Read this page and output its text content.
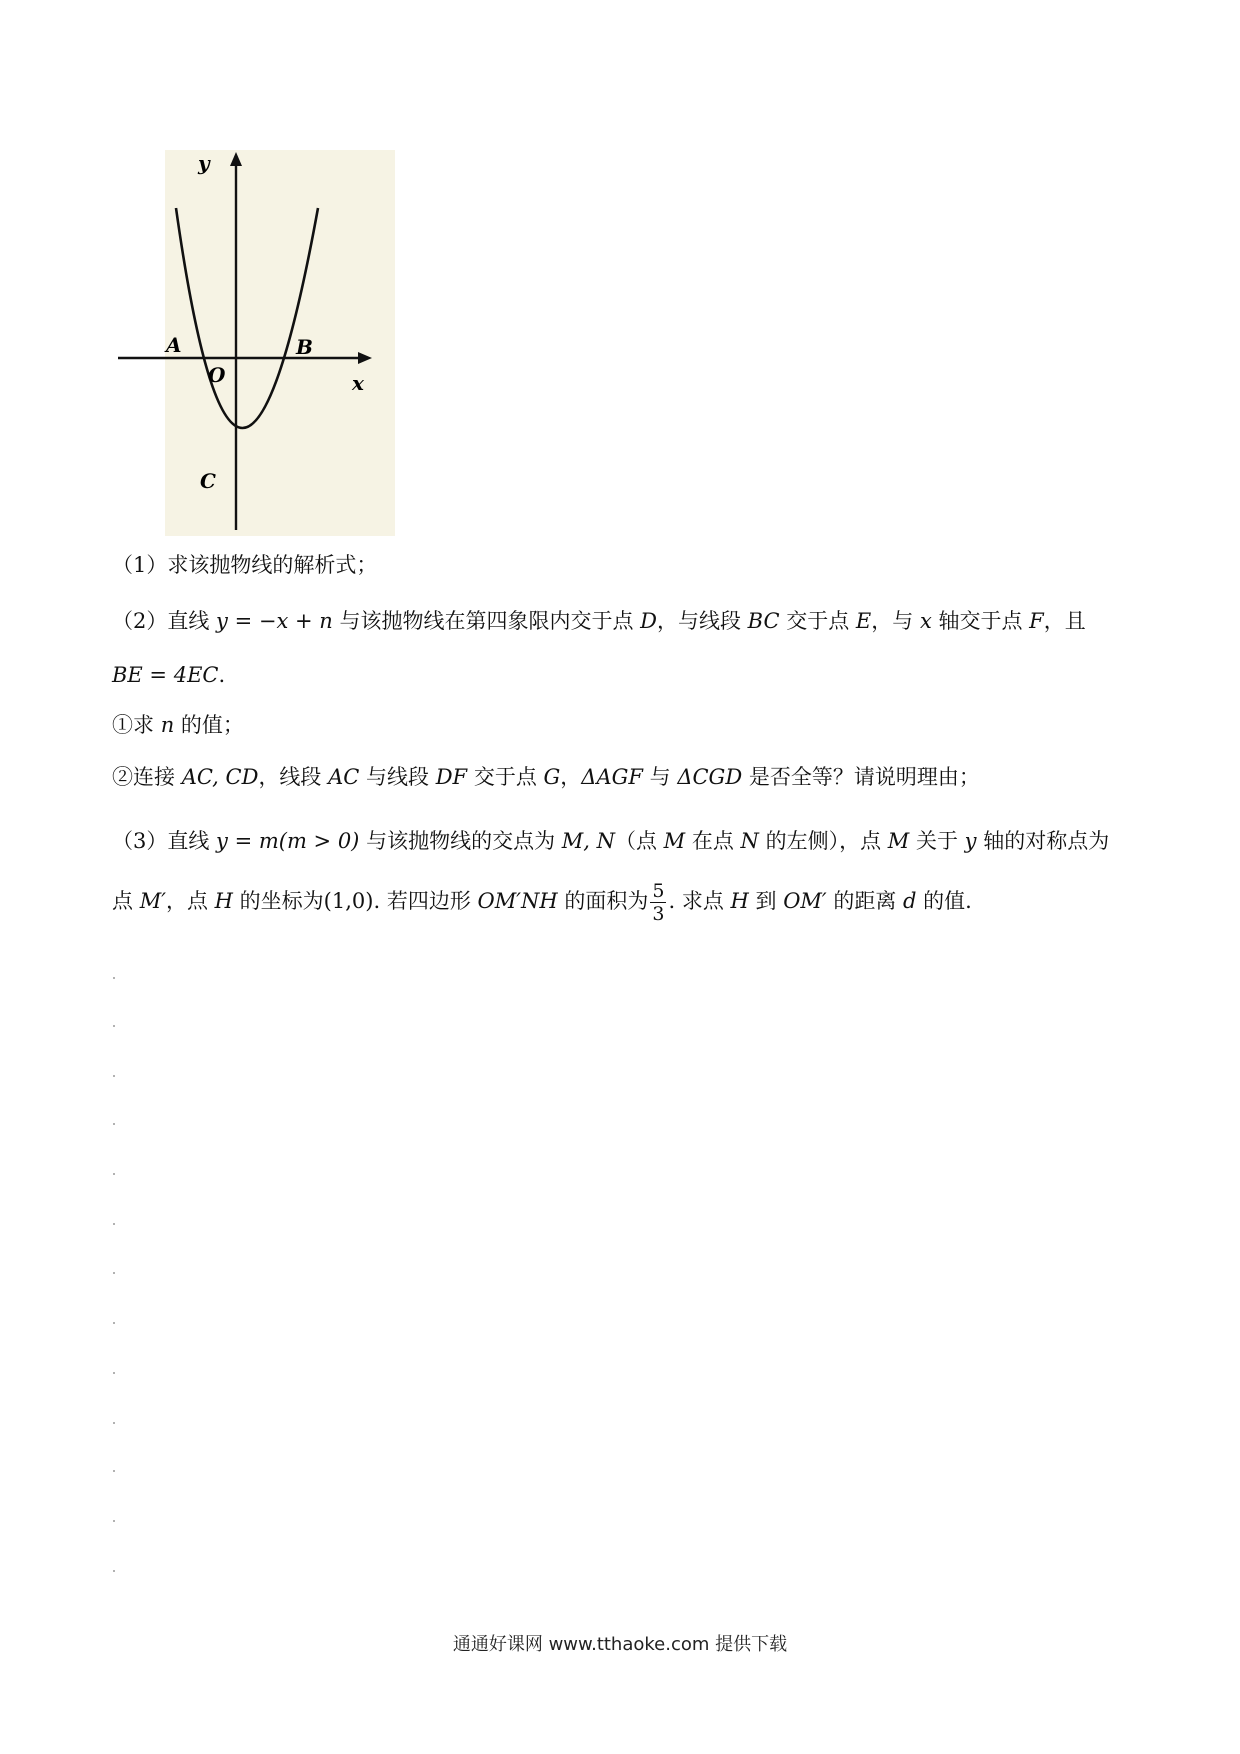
y
x
A	B
O
C
（1）求该抛物线的解析式；
（2）直线 y = −x + n 与该抛物线在第四象限内交于点 D，与线段 BC 交于点 E，与 x 轴交于点 F，且
BE = 4EC.
①求 n 的值；
②连接 AC, CD，线段 AC 与线段 DF 交于点 G，ΔAGF 与 ΔCGD 是否全等？请说明理由；
（3）直线 y = m(m > 0) 与该抛物线的交点为 M, N（点 M 在点 N 的左侧），点 M 关于 y 轴的对称点为
点 M′，点 H 的坐标为(1,0). 若四边形 OM′NH 的面积为 $\frac{5}{3}$ . 求点 H 到 OM′ 的距离 d 的值.
通通好课网 www.tthaoke.com 提供下载
